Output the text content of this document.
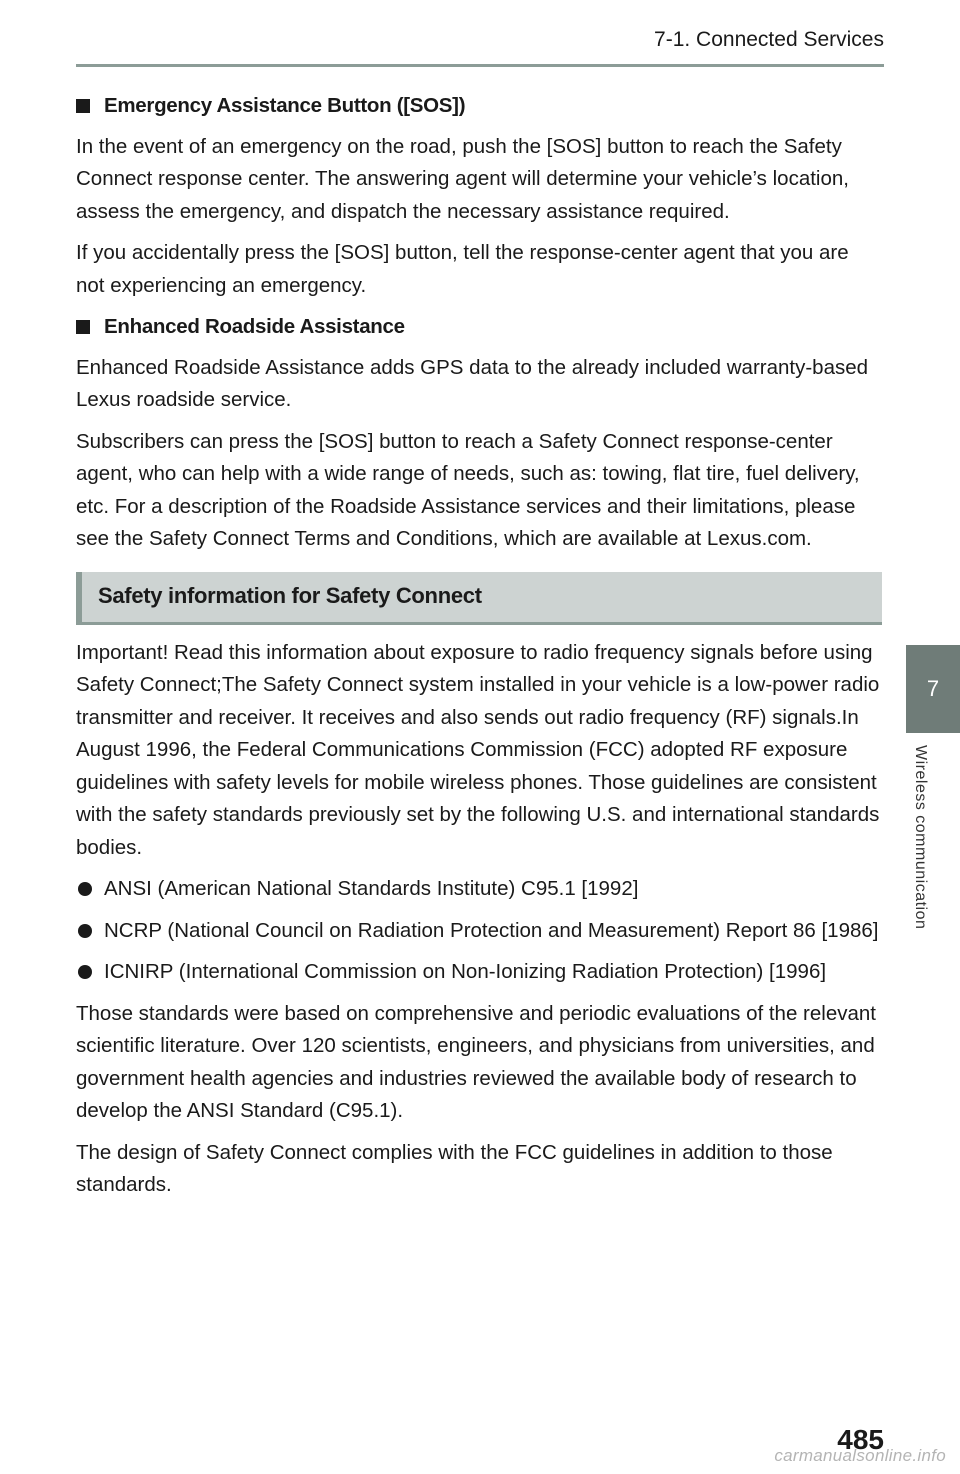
7-1. Connected Services
Emergency Assistance Button ([SOS])

In the event of an emergency on the road, push the [SOS] button to reach the Safety Connect response center. The answering agent will determine your vehicle’s location, assess the emergency, and dispatch the necessary assistance required.

If you accidentally press the [SOS] button, tell the response-center agent that you are not experiencing an emergency.

Enhanced Roadside Assistance

Enhanced Roadside Assistance adds GPS data to the already included warranty-based Lexus roadside service.

Subscribers can press the [SOS] button to reach a Safety Connect response-center agent, who can help with a wide range of needs, such as: towing, flat tire, fuel delivery, etc. For a description of the Roadside Assistance services and their limitations, please see the Safety Connect Terms and Conditions, which are available at Lexus.com.

Safety information for Safety Connect

Important! Read this information about exposure to radio frequency signals before using Safety Connect;The Safety Connect system installed in your vehicle is a low-power radio transmitter and receiver. It receives and also sends out radio frequency (RF) signals.In August 1996, the Federal Communications Commission (FCC) adopted RF exposure guidelines with safety levels for mobile wireless phones. Those guidelines are consistent with the safety standards previously set by the following U.S. and international standards bodies.

ANSI (American National Standards Institute) C95.1 [1992]
NCRP (National Council on Radiation Protection and Measurement) Report 86 [1986]
ICNIRP (International Commission on Non-Ionizing Radiation Protection) [1996]

Those standards were based on comprehensive and periodic evaluations of the relevant scientific literature. Over 120 scientists, engineers, and physicians from universities, and government health agencies and industries reviewed the available body of research to develop the ANSI Standard (C95.1).

The design of Safety Connect complies with the FCC guidelines in addition to those standards.

7
Wireless communication
485
carmanualsonline.info
